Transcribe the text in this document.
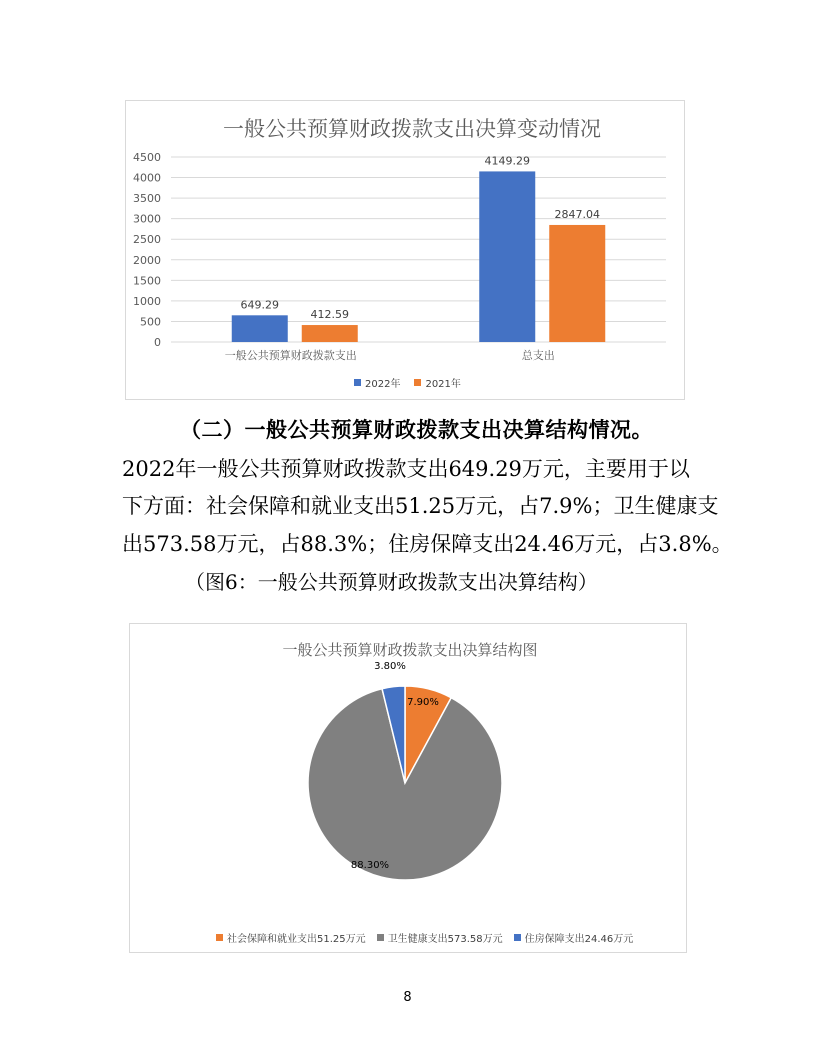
一般公共预算财政拨款支出决算变动情况
0
500
1000
1500
2000
2500
3000
3500
4000
4500
一般公共预算财政拨款支出
649.29
412.59
总支出
4149.29
2847.04
2022年	2021年
（二）一般公共预算财政拨款支出决算结构情况。
2022年一般公共预算财政拨款支出649.29万元，主要用于以
下方面：社会保障和就业支出51.25万元，占7.9%；卫生健康支
出573.58万元，占88.3%；住房保障支出24.46万元，占3.8%。
（图6：一般公共预算财政拨款支出决算结构）
一般公共预算财政拨款支出决算结构图
7.90%
88.30%
3.80%
社会保障和就业支出51.25万元 卫生健康支出573.58万元 住房保障支出24.46万元
8
